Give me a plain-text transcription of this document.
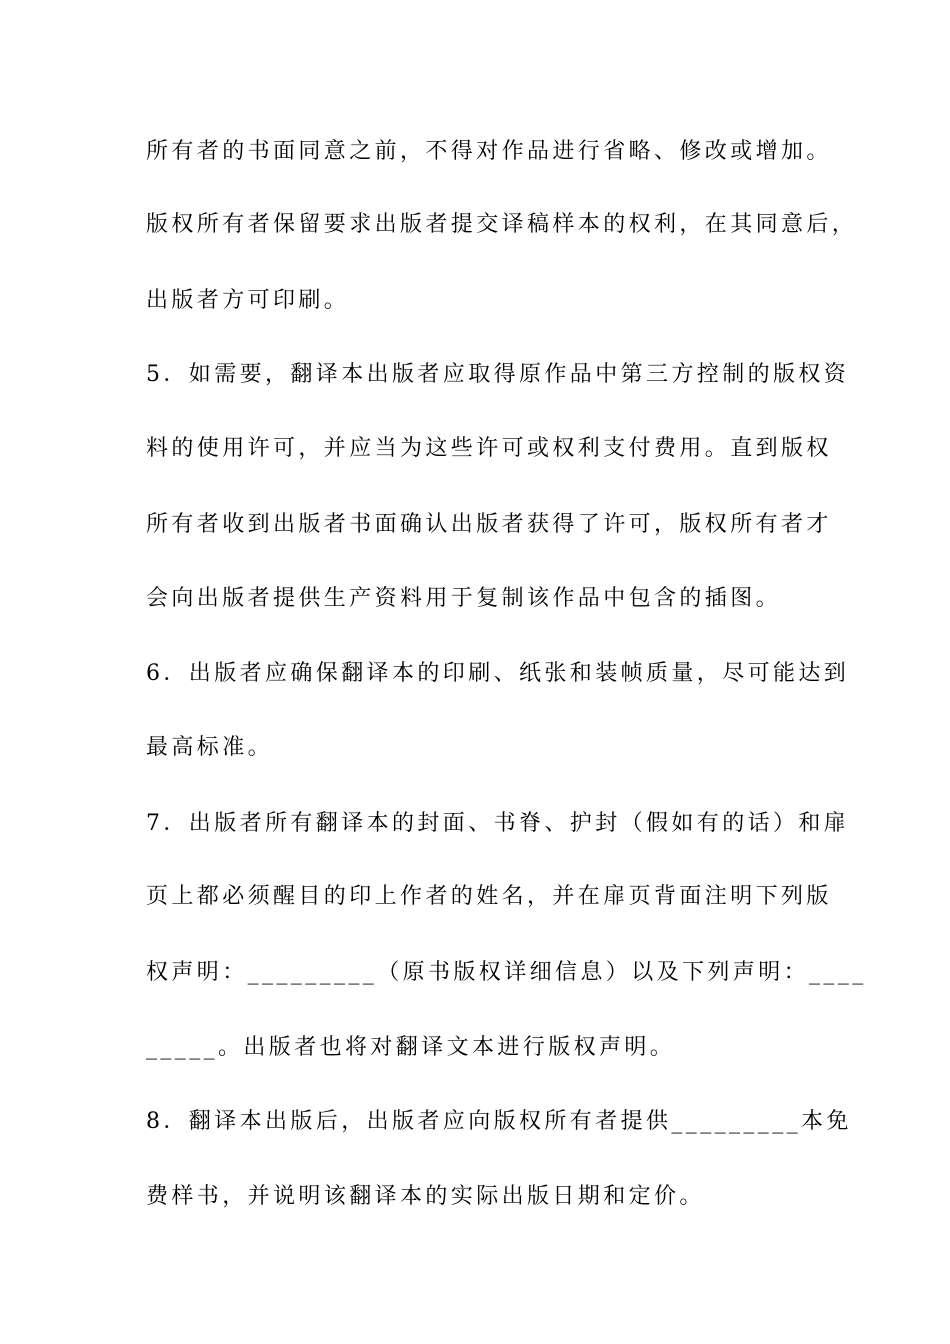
所有者的书面同意之前，不得对作品进行省略、修改或增加。
版权所有者保留要求出版者提交译稿样本的权利，在其同意后，
出版者方可印刷。
5．如需要，翻译本出版者应取得原作品中第三方控制的版权资
料的使用许可，并应当为这些许可或权利支付费用。直到版权
所有者收到出版者书面确认出版者获得了许可，版权所有者才
会向出版者提供生产资料用于复制该作品中包含的插图。
6．出版者应确保翻译本的印刷、纸张和装帧质量，尽可能达到
最高标准。
7．出版者所有翻译本的封面、书脊、护封（假如有的话）和扉
页上都必须醒目的印上作者的姓名，并在扉页背面注明下列版
权声明：_________（原书版权详细信息）以及下列声明：____
_____。出版者也将对翻译文本进行版权声明。
8．翻译本出版后，出版者应向版权所有者提供_________本免
费样书，并说明该翻译本的实际出版日期和定价。
